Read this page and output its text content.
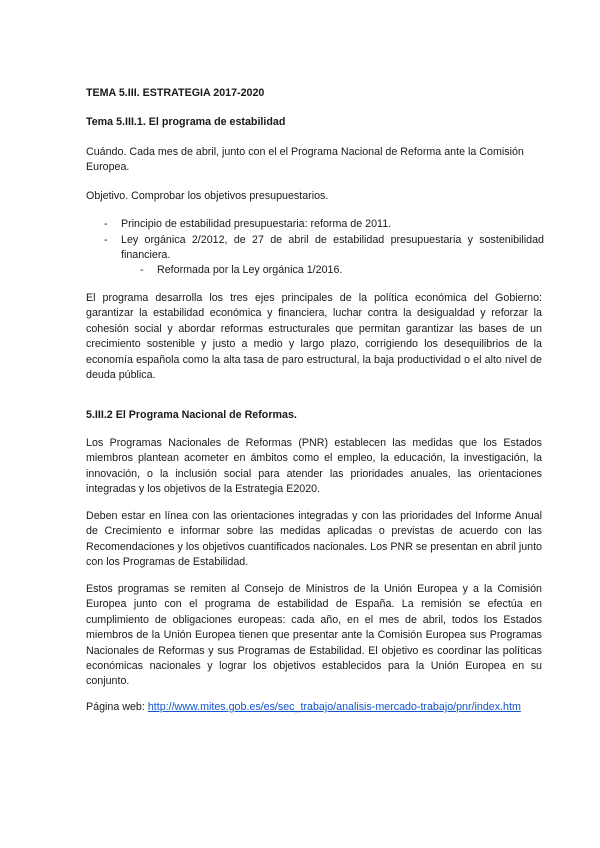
TEMA 5.III. ESTRATEGIA 2017-2020
Tema 5.III.1. El programa de estabilidad
Cuándo. Cada mes de abril, junto con el el Programa Nacional de Reforma ante la Comisión Europea.
Objetivo. Comprobar los objetivos presupuestarios.
-	Principio de estabilidad presupuestaria: reforma de 2011.
-	Ley orgánica 2/2012, de 27 de abril de estabilidad presupuestaria y sostenibilidad financiera.
-	Reformada por la Ley orgánica 1/2016.
El programa desarrolla los tres ejes principales de la política económica del Gobierno: garantizar la estabilidad económica y financiera, luchar contra la desigualdad y reforzar la cohesión social y abordar reformas estructurales que permitan garantizar las bases de un crecimiento sostenible y justo a medio y largo plazo, corrigiendo los desequilibrios de la economía española como la alta tasa de paro estructural, la baja productividad o el alto nivel de deuda pública.
5.III.2 El Programa Nacional de Reformas.
Los Programas Nacionales de Reformas (PNR) establecen las medidas que los Estados miembros plantean acometer en ámbitos como el empleo, la educación, la investigación, la innovación, o la inclusión social para atender las prioridades anuales, las orientaciones integradas y los objetivos de la Estrategia E2020.
Deben estar en línea con las orientaciones integradas y con las prioridades del Informe Anual de Crecimiento e informar sobre las medidas aplicadas o previstas de acuerdo con las Recomendaciones y los objetivos cuantificados nacionales. Los PNR se presentan en abril junto con los Programas de Estabilidad.
Estos programas se remiten al Consejo de Ministros de la Unión Europea y a la Comisión Europea junto con el programa de estabilidad de España. La remisión se efectúa en cumplimiento de obligaciones europeas: cada año, en el mes de abril, todos los Estados miembros de la Unión Europea tienen que presentar ante la Comisión Europea sus Programas Nacionales de Reformas y sus Programas de Estabilidad. El objetivo es coordinar las políticas económicas nacionales y lograr los objetivos establecidos para la Unión Europea en su conjunto.
Página web: http://www.mites.gob.es/es/sec_trabajo/analisis-mercado-trabajo/pnr/index.htm
